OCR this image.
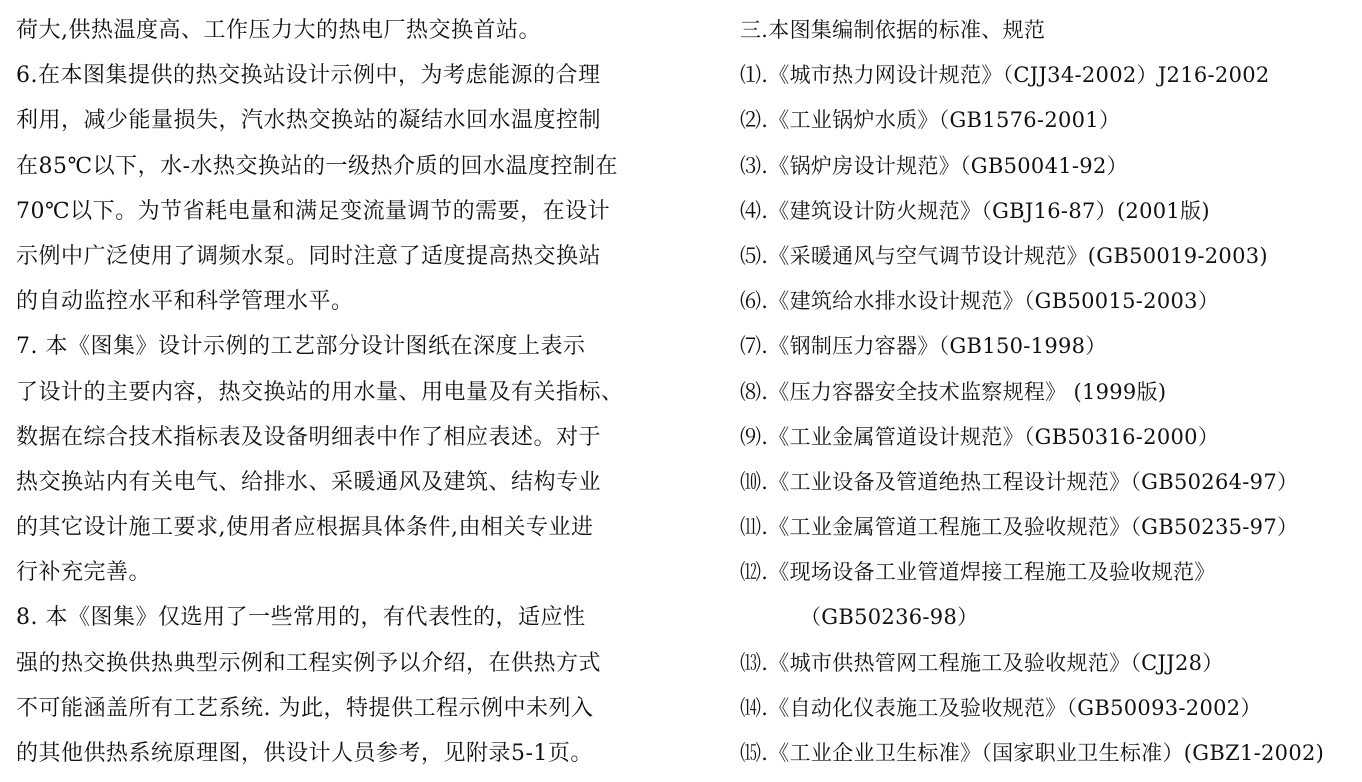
荷大,供热温度高、工作压力大的热电厂热交换首站。
6.在本图集提供的热交换站设计示例中，为考虑能源的合理
利用，减少能量损失，汽水热交换站的凝结水回水温度控制
在85℃以下，水-水热交换站的一级热介质的回水温度控制在
70℃以下。为节省耗电量和满足变流量调节的需要，在设计
示例中广泛使用了调频水泵。同时注意了适度提高热交换站
的自动监控水平和科学管理水平。
7. 本《图集》设计示例的工艺部分设计图纸在深度上表示
了设计的主要内容，热交换站的用水量、用电量及有关指标、
数据在综合技术指标表及设备明细表中作了相应表述。对于
热交换站内有关电气、给排水、采暖通风及建筑、结构专业
的其它设计施工要求,使用者应根据具体条件,由相关专业进
行补充完善。
8. 本《图集》仅选用了一些常用的，有代表性的，适应性
强的热交换供热典型示例和工程实例予以介绍，在供热方式
不可能涵盖所有工艺系统. 为此，特提供工程示例中未列入
的其他供热系统原理图，供设计人员参考，见附录5-1页。
三.本图集编制依据的标准、规范
⑴.《城市热力网设计规范》（CJJ34-2002）J216-2002
⑵.《工业锅炉水质》（GB1576-2001）
⑶.《锅炉房设计规范》（GB50041-92）
⑷.《建筑设计防火规范》（GBJ16-87）(2001版)
⑸.《采暖通风与空气调节设计规范》(GB50019-2003)
⑹.《建筑给水排水设计规范》（GB50015-2003）
⑺.《钢制压力容器》（GB150-1998）
⑻.《压力容器安全技术监察规程》 (1999版)
⑼.《工业金属管道设计规范》（GB50316-2000）
⑽.《工业设备及管道绝热工程设计规范》（GB50264-97）
⑾.《工业金属管道工程施工及验收规范》（GB50235-97）
⑿.《现场设备工业管道焊接工程施工及验收规范》
（GB50236-98）
⒀.《城市供热管网工程施工及验收规范》（CJJ28）
⒁.《自动化仪表施工及验收规范》（GB50093-2002）
⒂.《工业企业卫生标准》（国家职业卫生标准）(GBZ1-2002)
